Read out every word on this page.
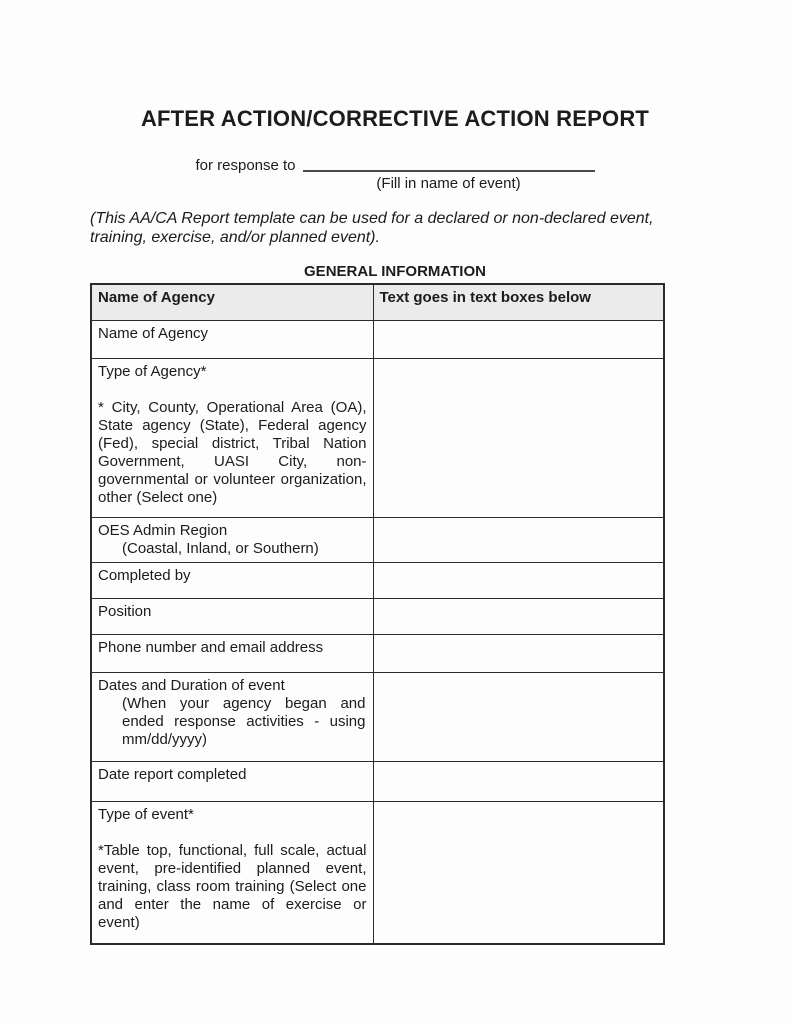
AFTER ACTION/CORRECTIVE ACTION REPORT
for response to
(Fill in name of event)

(This AA/CA Report template can be used for a declared or non-declared event, training, exercise, and/or planned event).

GENERAL INFORMATION
Name of Agency	Text goes in text boxes below

Name of Agency	

Type of Agency*

* City, County, Operational Area (OA), State agency (State), Federal agency (Fed), special district, Tribal Nation Government, UASI City, non-governmental or volunteer organization, other (Select one)	

OES Admin Region
(Coastal, Inland, or Southern)	

Completed by	

Position	

Phone number and email address	

Dates and Duration of event
(When your agency began and ended response activities - using mm/dd/yyyy)	

Date report completed	

Type of event*

*Table top, functional, full scale, actual event, pre-identified planned event, training, class room training (Select one and enter the name of exercise or event)	
